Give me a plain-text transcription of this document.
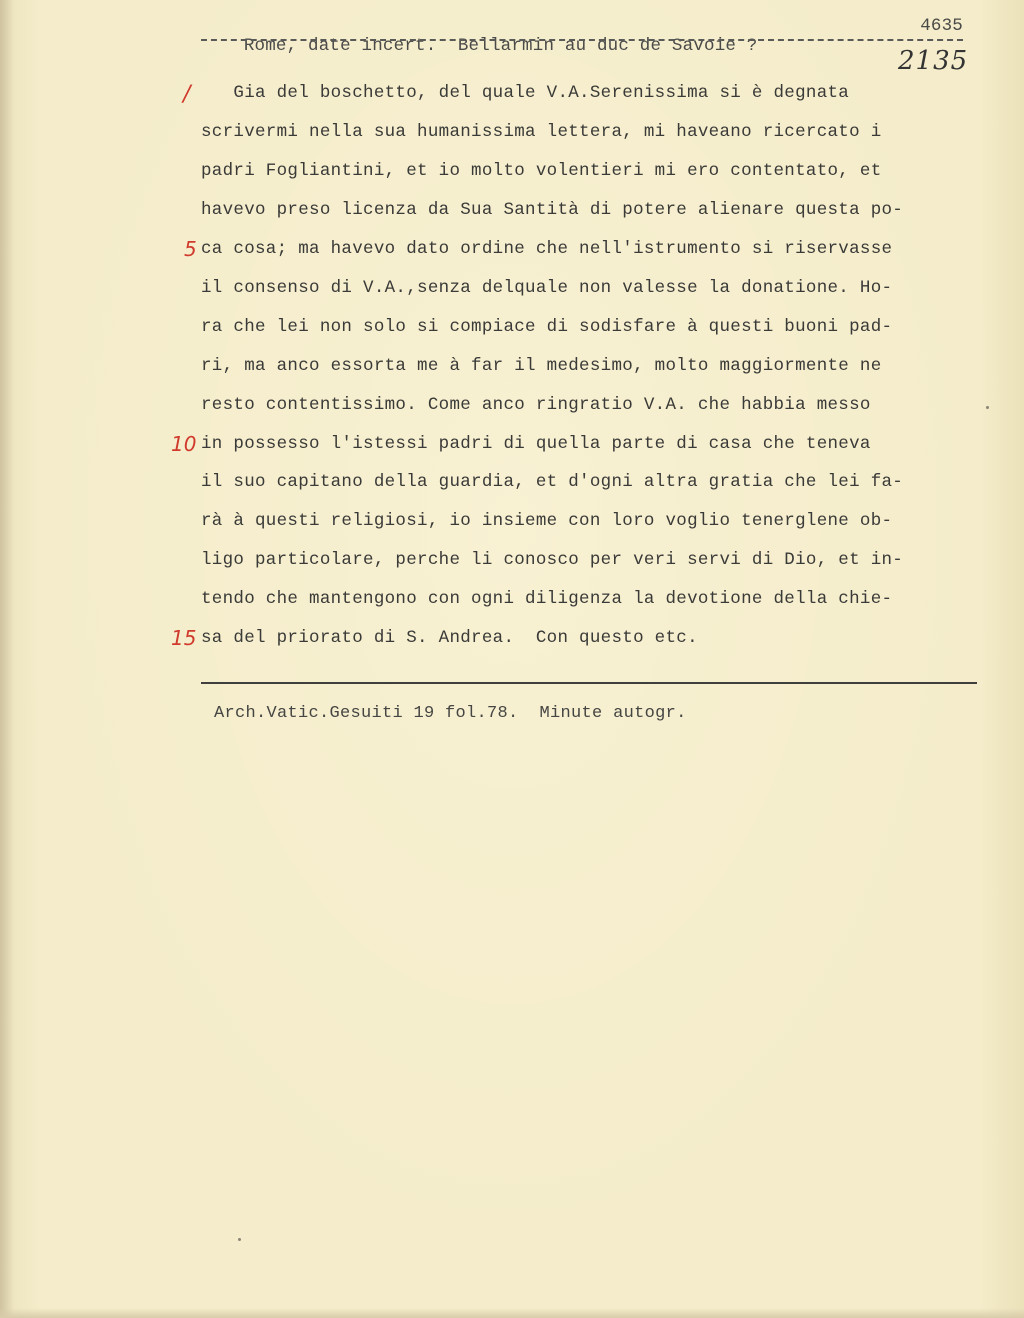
Rome, date incert.  Bellarmin au duc de Savoie ?

4635

2135
/
5
10
15
Gia del boschetto, del quale V.A.Serenissima si è degnata
scrivermi nella sua humanissima lettera, mi haveano ricercato i
padri Fogliantini, et io molto volentieri mi ero contentato, et
havevo preso licenza da Sua Santità di potere alienare questa po-
ca cosa; ma havevo dato ordine che nell'istrumento si riservasse
il consenso di V.A.,senza delquale non valesse la donatione. Ho-
ra che lei non solo si compiace di sodisfare à questi buoni pad-
ri, ma anco essorta me à far il medesimo, molto maggiormente ne
resto contentissimo. Come anco ringratio V.A. che habbia messo
in possesso l'istessi padri di quella parte di casa che teneva
il suo capitano della guardia, et d'ogni altra gratia che lei fa-
rà à questi religiosi, io insieme con loro voglio tenerglene ob-
ligo particolare, perche li conosco per veri servi di Dio, et in-
tendo che mantengono con ogni diligenza la devotione della chie-
sa del priorato di S. Andrea.  Con questo etc.
Arch.Vatic.Gesuiti 19 fol.78.  Minute autogr.
